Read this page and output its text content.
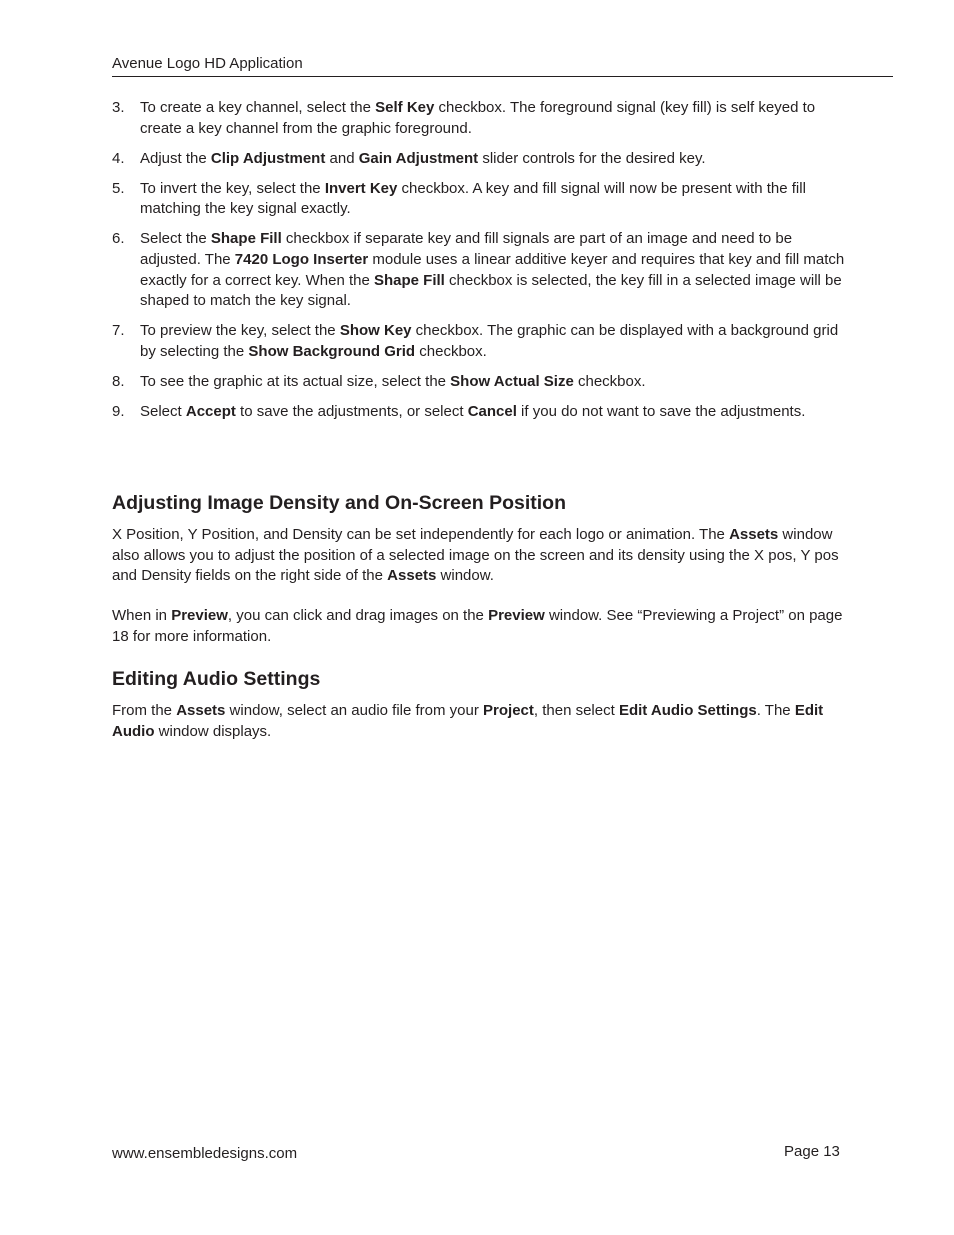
Avenue Logo HD Application
3. To create a key channel, select the Self Key checkbox. The foreground signal (key fill) is self keyed to create a key channel from the graphic foreground.
4. Adjust the Clip Adjustment and Gain Adjustment slider controls for the desired key.
5. To invert the key, select the Invert Key checkbox. A key and fill signal will now be present with the fill matching the key signal exactly.
6. Select the Shape Fill checkbox if separate key and fill signals are part of an image and need to be adjusted. The 7420 Logo Inserter module uses a linear additive keyer and requires that key and fill match exactly for a correct key. When the Shape Fill checkbox is selected, the key fill in a selected image will be shaped to match the key signal.
7. To preview the key, select the Show Key checkbox. The graphic can be displayed with a background grid by selecting the Show Background Grid checkbox.
8. To see the graphic at its actual size, select the Show Actual Size checkbox.
9. Select Accept to save the adjustments, or select Cancel if you do not want to save the adjustments.
Adjusting Image Density and On-Screen Position

X Position, Y Position, and Density can be set independently for each logo or animation. The Assets window also allows you to adjust the position of a selected image on the screen and its density using the X pos, Y pos and Density fields on the right side of the Assets window.

When in Preview, you can click and drag images on the Preview window. See “Previewing a Project” on page 18 for more information.

Editing Audio Settings

From the Assets window, select an audio file from your Project, then select Edit Audio Settings. The Edit Audio window displays.

www.ensembledesigns.com	Page 13
